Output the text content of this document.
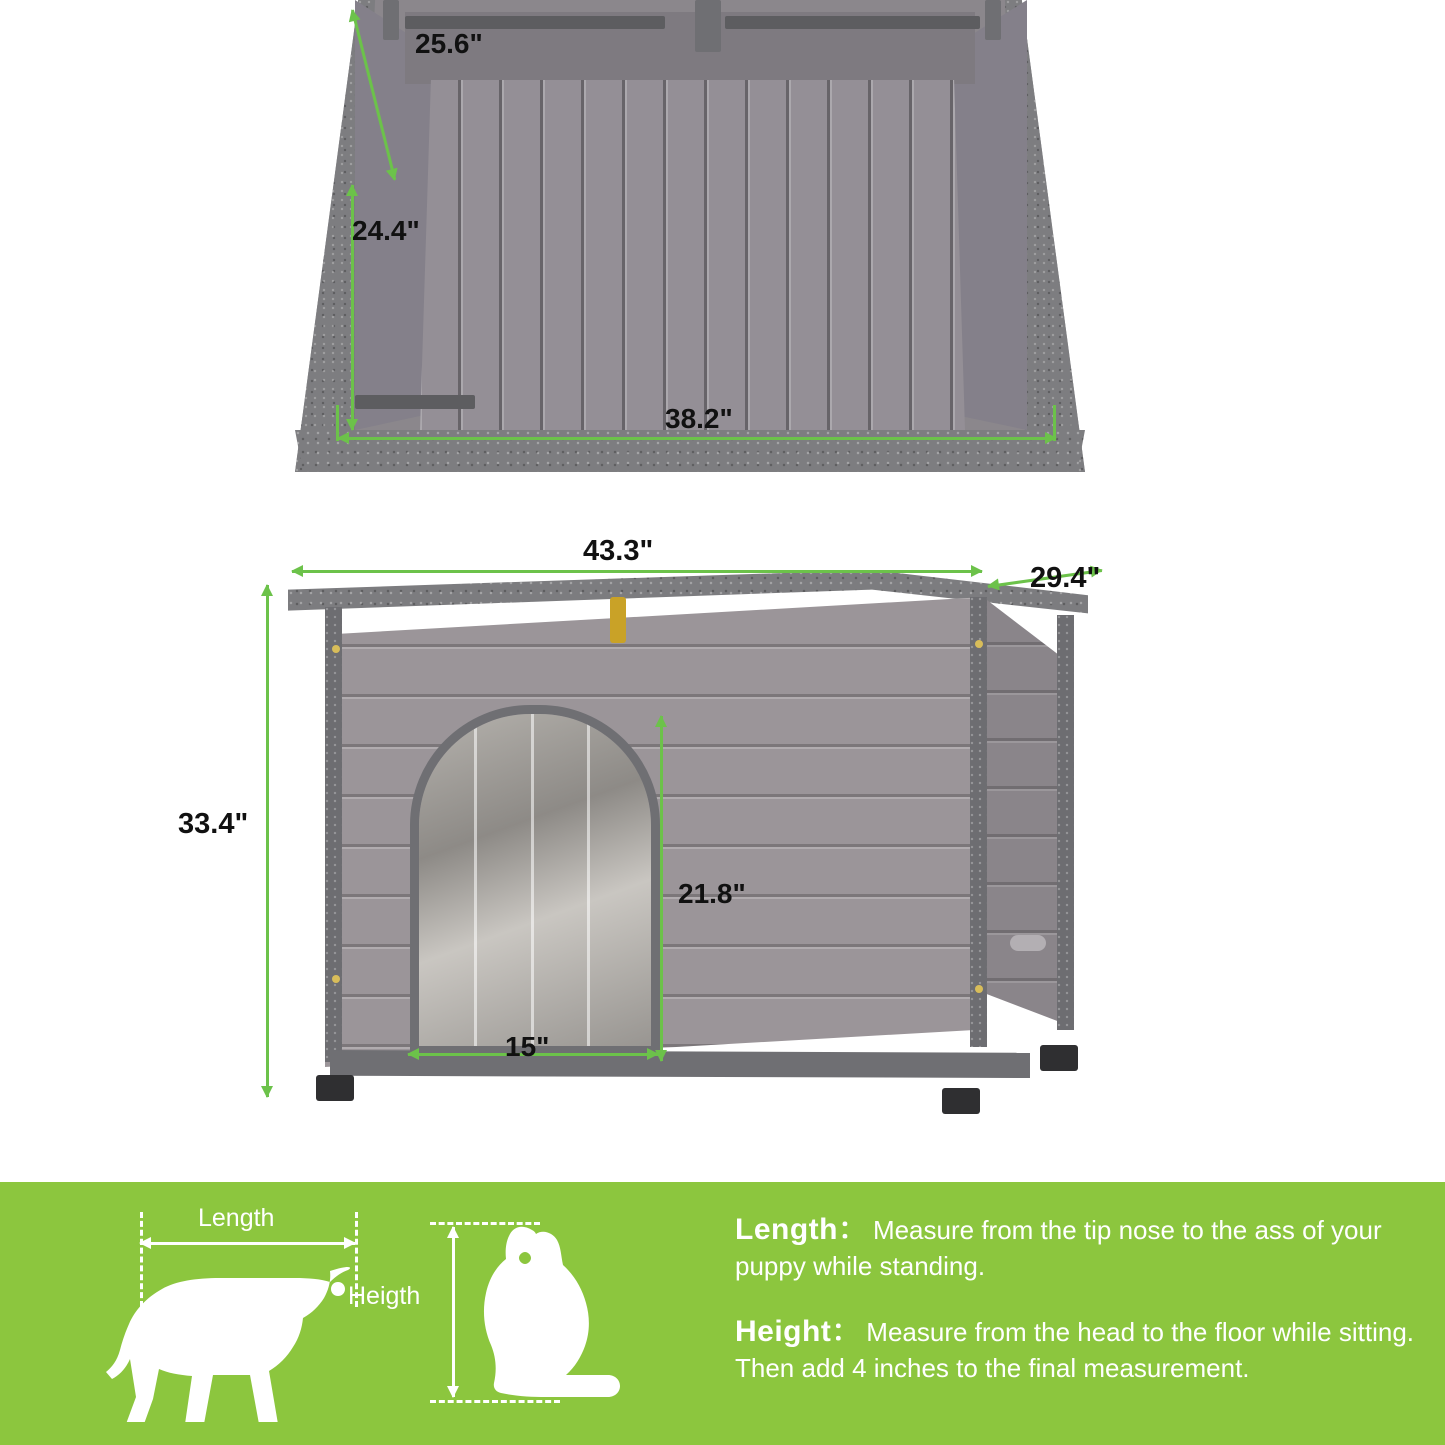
25.6"
24.4"
38.2"
43.3"
29.4"
33.4"
21.8"
15"
Length
Heigth
Length： Measure from the tip nose to the ass of your puppy while standing.
Height： Measure from the head to the floor while sitting. Then add 4 inches to the final measurement.
